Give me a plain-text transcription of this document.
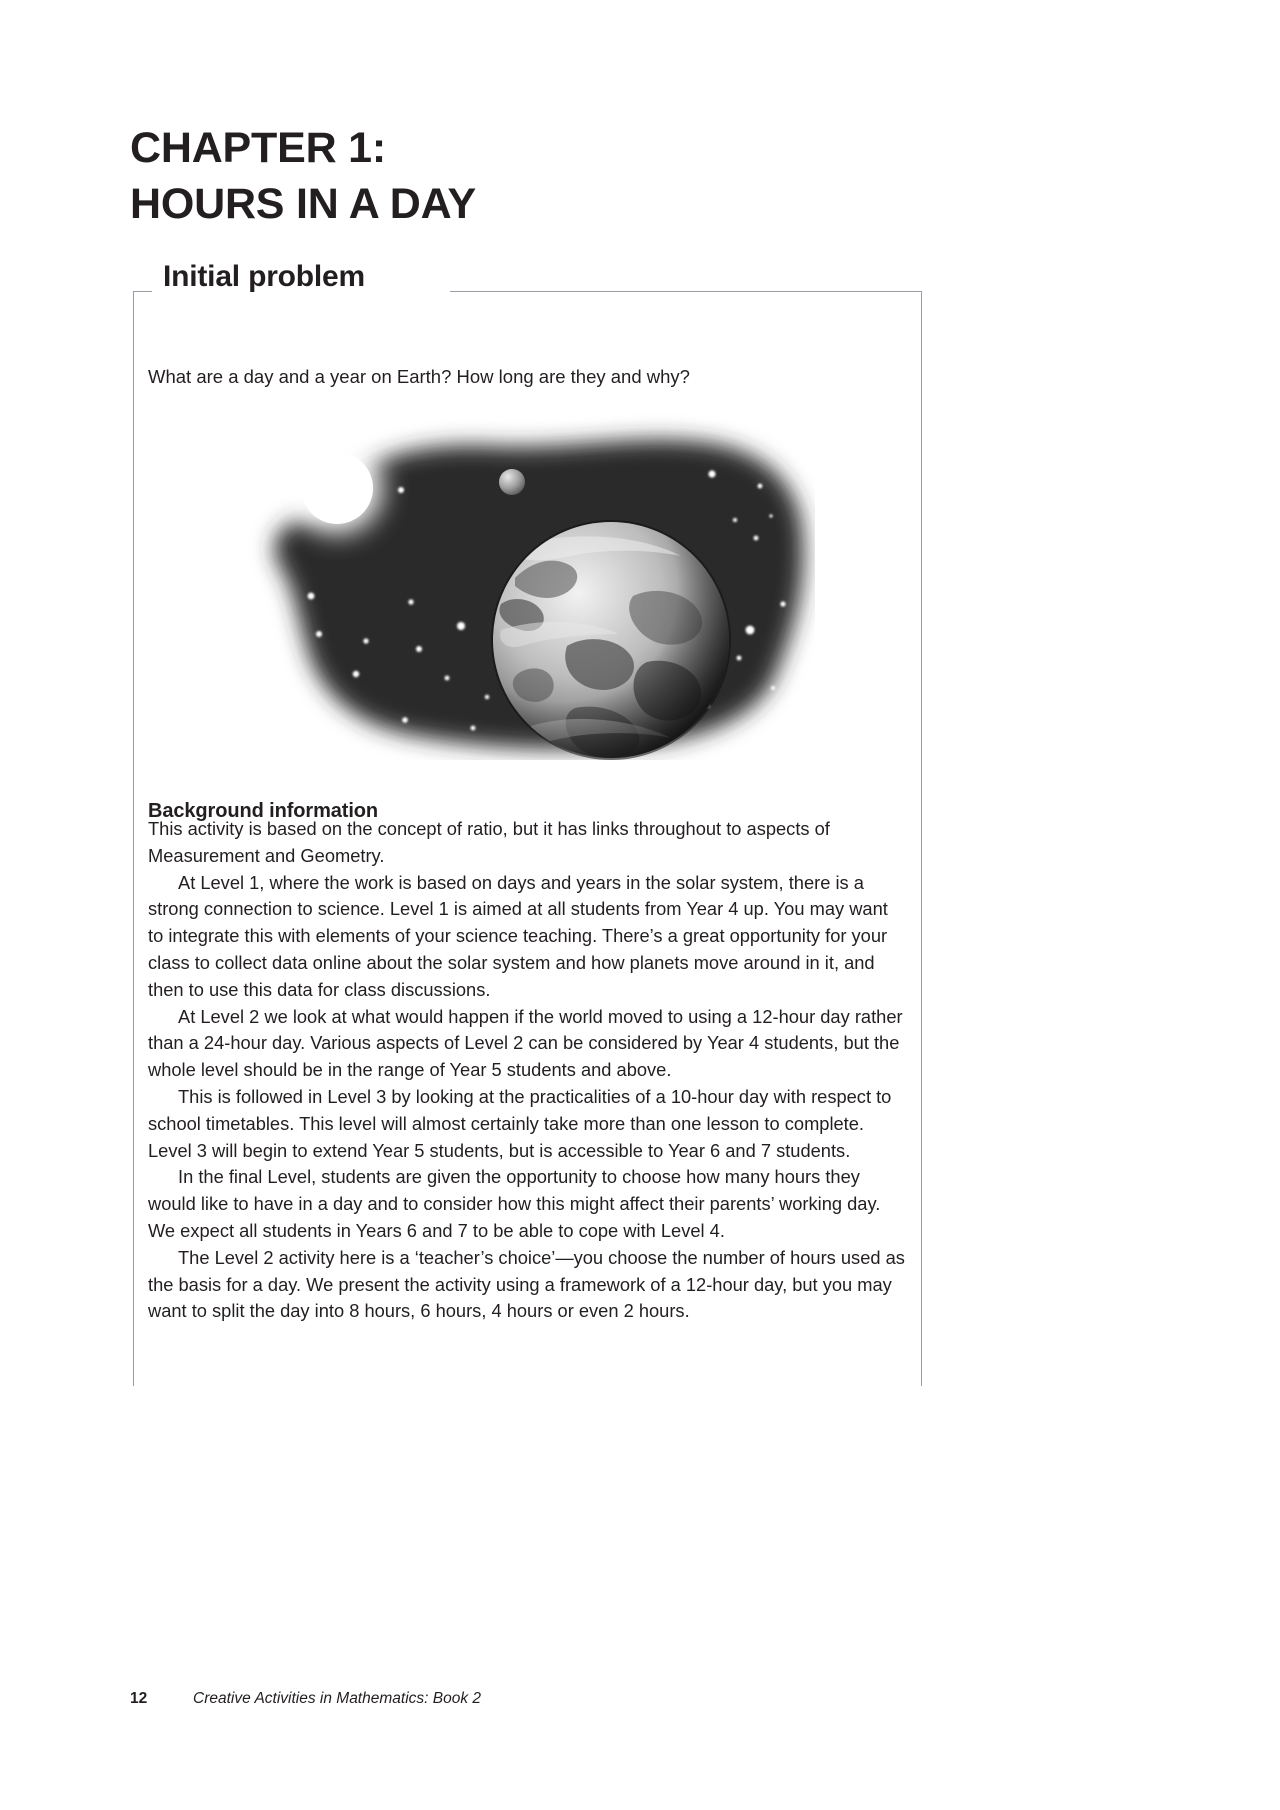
CHAPTER 1:
HOURS IN A DAY
Initial problem

What are a day and a year on Earth? How long are they and why?

Background information

This activity is based on the concept of ratio, but it has links throughout to aspects of Measurement and Geometry.

At Level 1, where the work is based on days and years in the solar system, there is a strong connection to science. Level 1 is aimed at all students from Year 4 up. You may want to integrate this with elements of your science teaching. There’s a great opportunity for your class to collect data online about the solar system and how planets move around in it, and then to use this data for class discussions.

At Level 2 we look at what would happen if the world moved to using a 12-hour day rather than a 24-hour day. Various aspects of Level 2 can be considered by Year 4 students, but the whole level should be in the range of Year 5 students and above.

This is followed in Level 3 by looking at the practicalities of a 10-hour day with respect to school timetables. This level will almost certainly take more than one lesson to complete. Level 3 will begin to extend Year 5 students, but is accessible to Year 6 and 7 students.

In the final Level, students are given the opportunity to choose how many hours they would like to have in a day and to consider how this might affect their parents’ working day. We expect all students in Years 6 and 7 to be able to cope with Level 4.

The Level 2 activity here is a ‘teacher’s choice’—you choose the number of hours used as the basis for a day. We present the activity using a framework of a 12-hour day, but you may want to split the day into 8 hours, 6 hours, 4 hours or even 2 hours.

12	Creative Activities in Mathematics: Book 2
